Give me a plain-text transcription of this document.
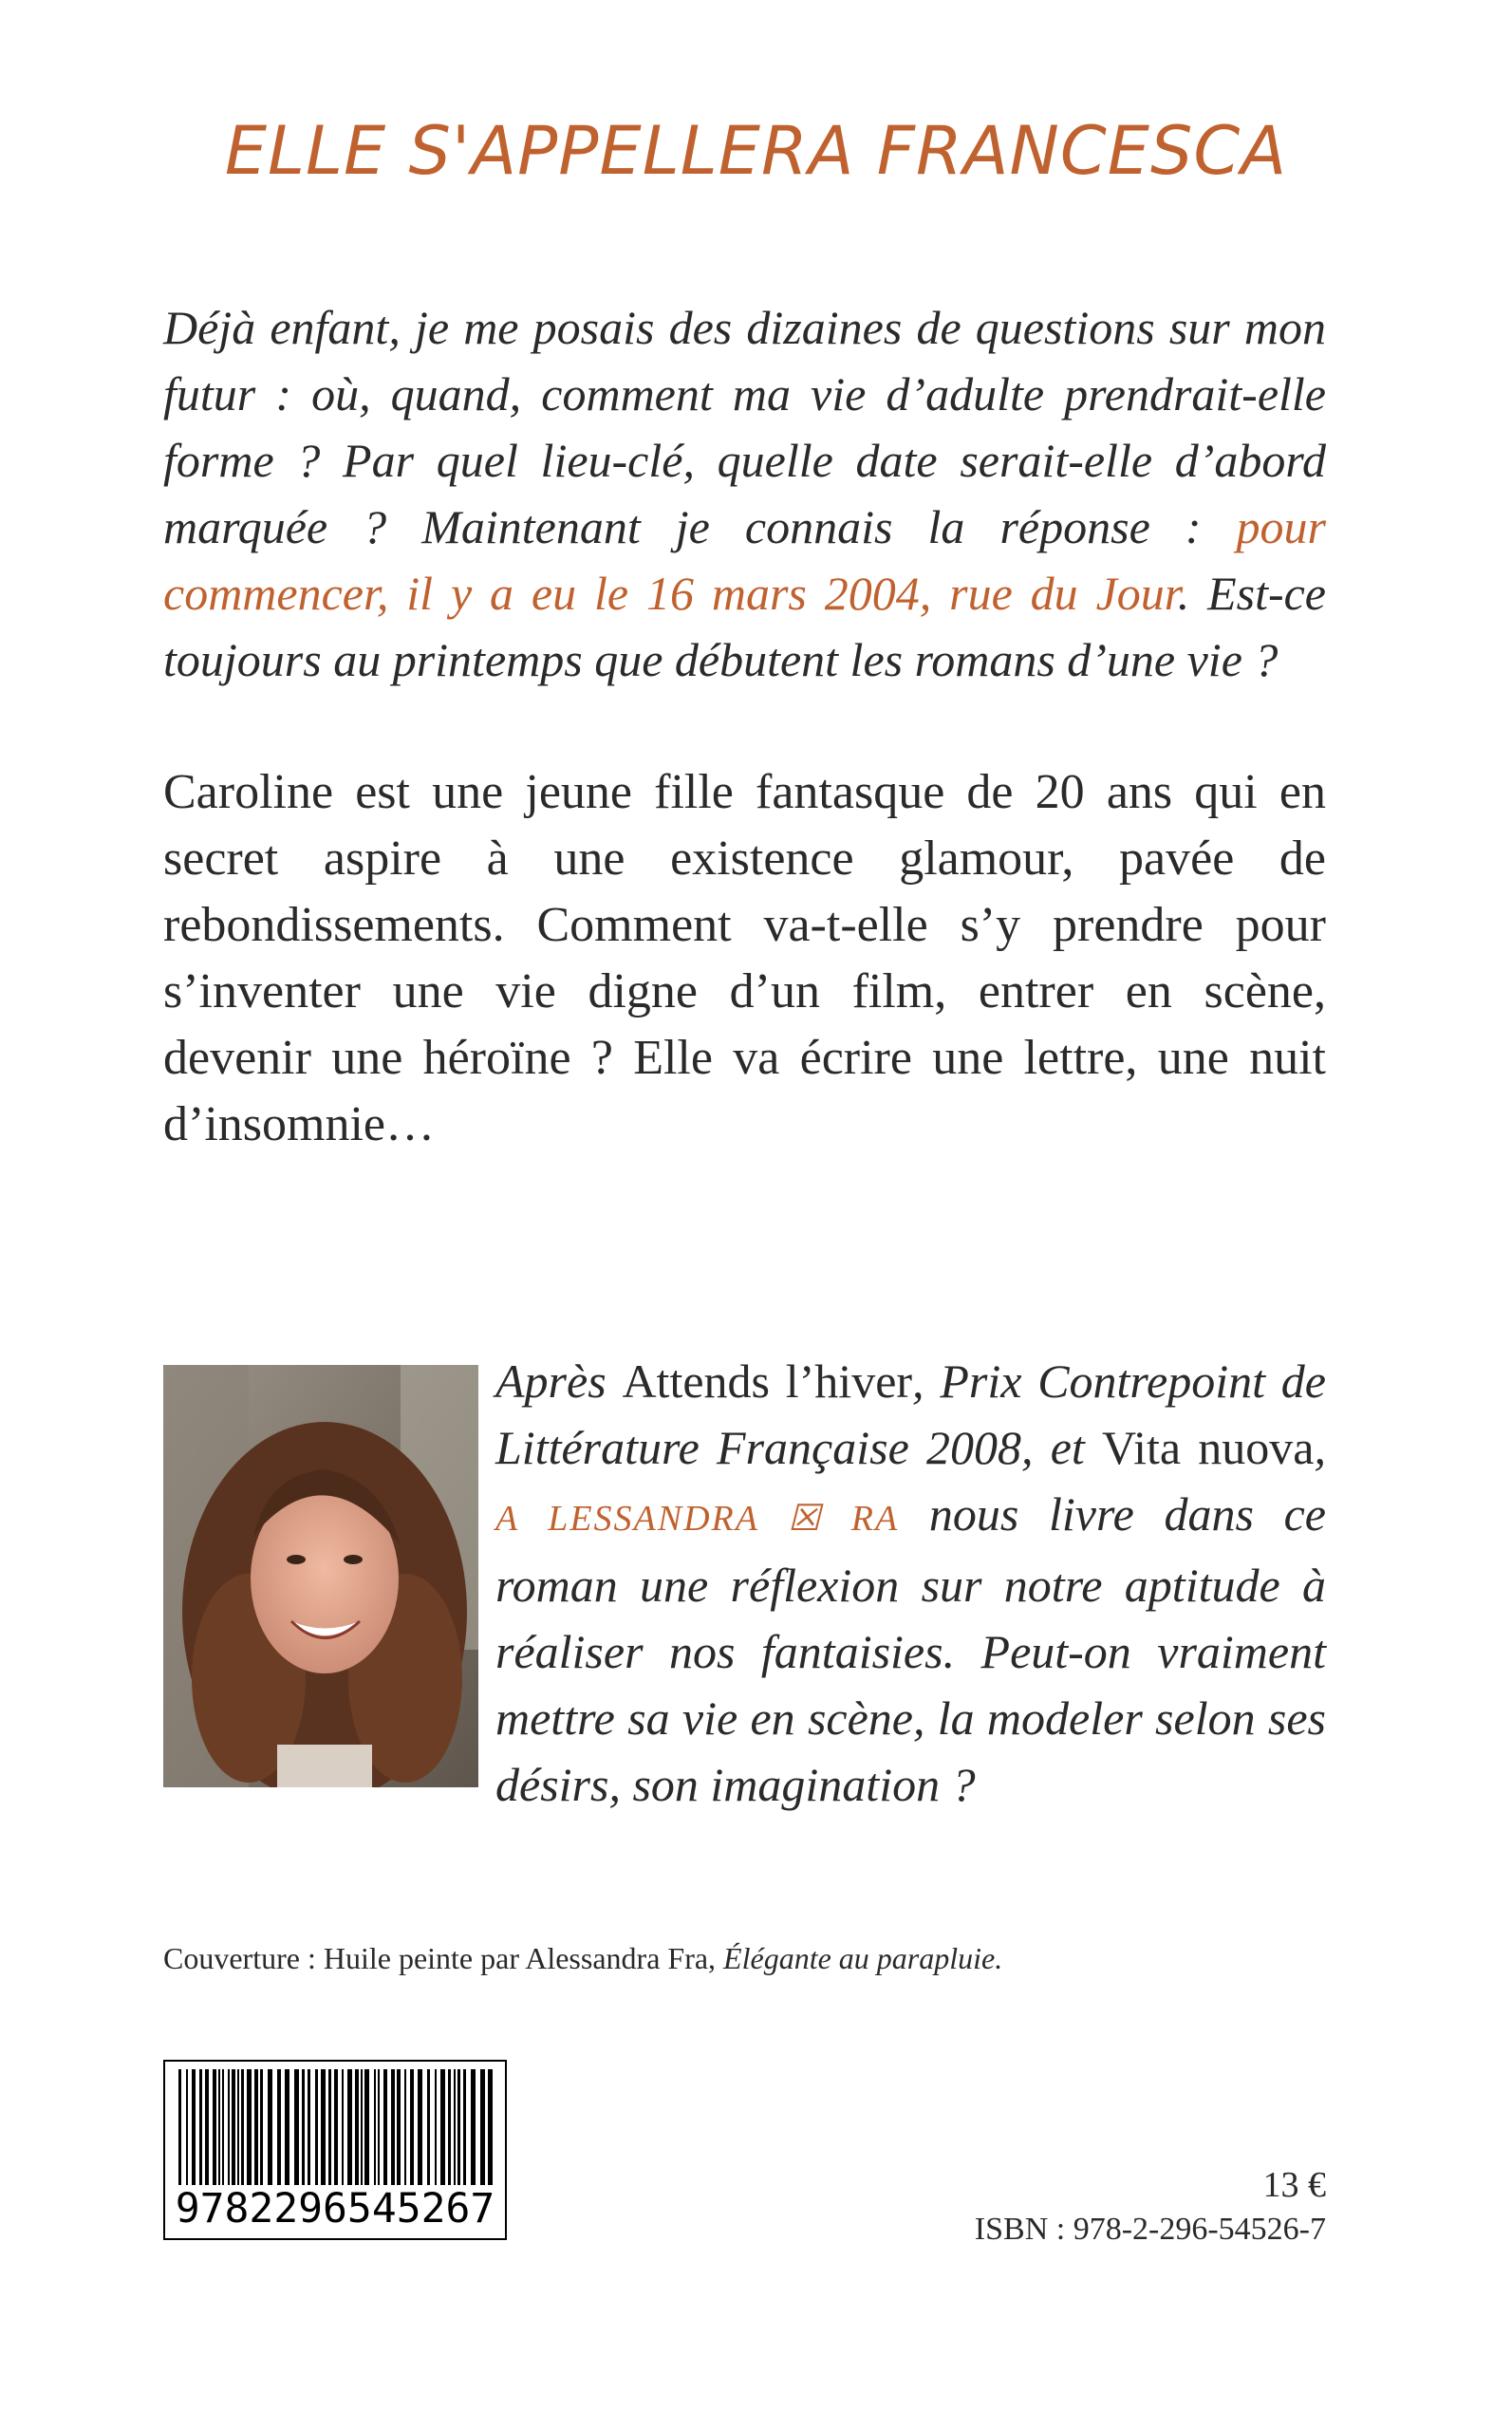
ELLE S'APPELLERA FRANCESCA

Déjà enfant, je me posais des dizaines de questions sur mon futur : où, quand, comment ma vie d’adulte prendrait-elle forme ? Par quel lieu-clé, quelle date serait-elle d’abord marquée ? Maintenant je connais la réponse : pour commencer, il y a eu le 16 mars 2004, rue du Jour. Est-ce toujours au printemps que débutent les romans d’une vie ?

Caroline est une jeune fille fantasque de 20 ans qui en secret aspire à une existence glamour, pavée de rebondissements. Comment va-t-elle s’y prendre pour s’inventer une vie digne d’un film, entrer en scène, devenir une héroïne ? Elle va écrire une lettre, une nuit d’insomnie…

Après Attends l’hiver, Prix Contrepoint de Littérature Française 2008, et Vita nuova, A LESSANDRA ☒ RA nous livre dans ce roman une réflexion sur notre aptitude à réaliser nos fantaisies. Peut-on vraiment mettre sa vie en scène, la modeler selon ses désirs, son imagination ?

Couverture : Huile peinte par Alessandra Fra, Élégante au parapluie.

9782296545267	13 €

ISBN : 978-2-296-54526-7
